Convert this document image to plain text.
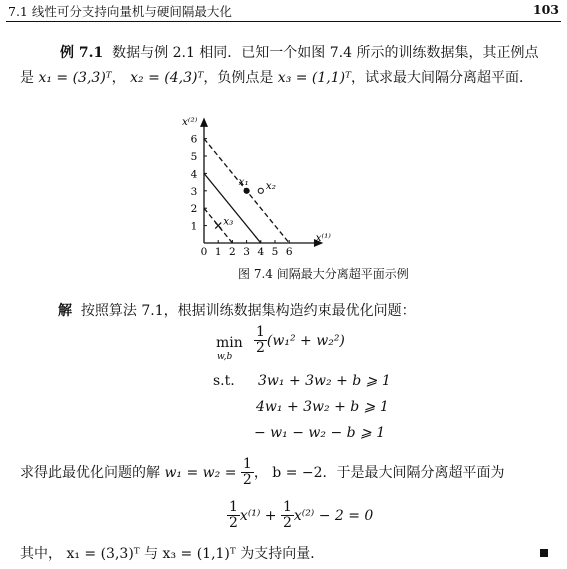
7.1 线性可分支持向量机与硬间隔最大化	103
例 7.1 数据与例 2.1 相同．已知一个如图 7.4 所示的训练数据集，其正例点
是 x₁ = (3,3)ᵀ， x₂ = (4,3)ᵀ，负例点是 x₃ = (1,1)ᵀ，试求最大间隔分离超平面．
0 1 2 3 4 5 6
1
2
3
4
5
6
x⁽¹⁾
x⁽²⁾
x₁ x₂
x₃
图 7.4 间隔最大分离超平面示例
解 按照算法 7.1，根据训练数据集构造约束最优化问题：
min
w,b
$\frac{1}{2} (w_1^2 + w_2^2)$
s.t. 3w₁ + 3w₂ + b ⩾ 1
4w₁ + 3w₂ + b ⩾ 1
− w₁ − w₂ − b ⩾ 1
求得此最优化问题的解 $w_1 = w_2 = \frac{1}{2}$ ， b = −2．于是最大间隔分离超平面为
$\frac{1}{2} x^{(1)} + \frac{1}{2} x^{(2)} - 2 = 0$
其中， x₁ = (3,3)ᵀ 与 x₃ = (1,1)ᵀ 为支持向量．
